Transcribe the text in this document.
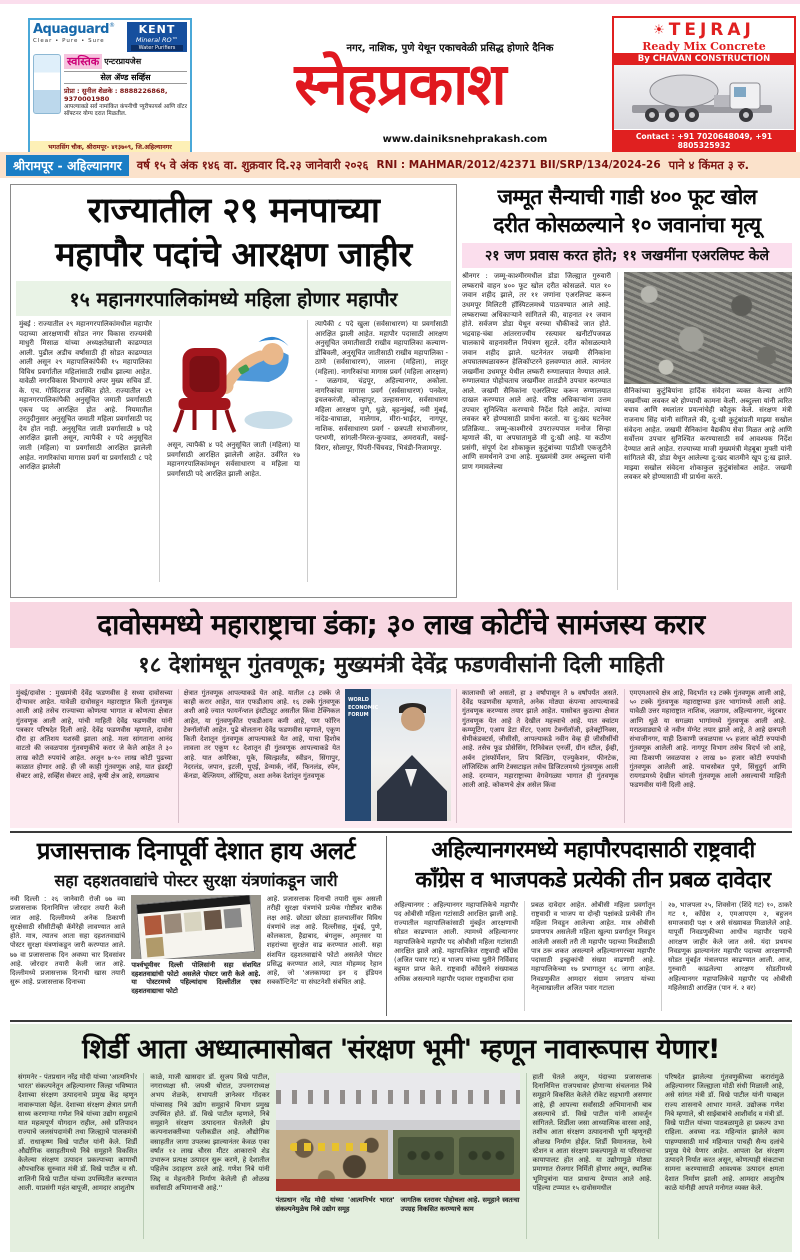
Aquaguard®
Clear • Pure • Sure
KENT
Mineral RO™
Water Purifiers
स्वस्तिक एन्टरप्रायजेस
सेल ॲण्ड सर्व्हिस
प्रोप्रा : सुनील शेळके : 8888226868, 9370001980
आपल्याकडे सर्व नामांकित कंपनीची प्युरीफायर्स आणि वॉटर सॉफ्टनर योग्य दरात मिळतील.
भगतसिंग चौक, श्रीरामपूर- ४१३७०९, जि.अहिल्यानगर
नगर, नाशिक, पुणे येथून एकाचवेळी प्रसिद्ध होणारे दैनिक
स्नेहप्रकाश
www.dainiksnehprakash.com
☀ TEJRAJ
Ready Mix Concrete
By CHAVAN CONSTRUCTION
Contact : +91 7020648049, +91 8805325932
श्रीरामपूर - अहिल्यानगर	वर्ष १५ वे अंक १४६ वा. शुक्रवार दि.२३ जानेवारी २०२६ RNI : MAHMAR/2012/42371 BII/SRP/134/2024-26 पाने ४ किंमत ३ रु.
राज्यातील २९ मनपाच्या
महापौर पदांचे आरक्षण जाहीर
१५ महानगरपालिकांमध्ये महिला होणार महापौर
मुंबई : राज्यातील २९ महानगरपालिकांमधील महापौर पदाच्या आरक्षणाची सोडत नगर विकास राज्यमंत्री माधुरी मिसाळ यांच्या अध्यक्षतेखाली काढण्यात आली. पुढील अडीच वर्षांसाठी ही सोडत काढण्यात आली असून २९ महापालिकांपैकी १५ महापालिका विविध प्रवर्गातील महिलांसाठी राखीव झाल्या आहेत. यावेळी नगरविकास विभागाचे अपर मुख्य सचिव डॉ. के. एच. गोविंदराज उपस्थित होते. राज्यातील २९ महानगरपालिकांपैकी अनुसूचित जमाती प्रवर्गासाठी एकच पद आरक्षित होत आहे. नियमातील तरतुदीनुसार अनुसूचित जमाती महिला प्रवर्गासाठी पद देय होत नाही. अनुसूचित जाती प्रवर्गासाठी ७ पदे आरक्षित झाली असून, त्यापैकी २ पदे अनुसूचित जाती (महिला) या प्रवर्गांसाठी आरक्षित झालेली आहेत. नागरिकांचा मागास प्रवर्ग या प्रवर्गासाठी ८ पदे आरक्षित झालेली
असून, त्यापैकी ४ पदे अनुसूचित जाती (महिला) या प्रवर्गांसाठी आरक्षित झालेली आहेत. उर्वरित १७ महानगरपालिकांमधून सर्वसाधारण व महिला या प्रवर्गांसाठी पदे आरक्षित झाली आहेत.
त्यापैकी ८ पदे खुला (सर्वसाधारण) या प्रवर्गासाठी आरक्षित झाली आहेत. महापौर पदासाठी आरक्षण अनुसूचित जमातीसाठी राखीव महापालिका कल्याण-डोंबिवली, अनुसूचित जातीसाठी राखीव महापालिका - ठाणे (सर्वसाधारण), जालना (महिला), लातूर (महिला). नागरिकांचा मागास प्रवर्ग (महिला आरक्षण) - जळगाव, चंद्रपूर, अहिल्यानगर, अकोला. नागरिकांचा मागास प्रवर्ग (सर्वसाधारण) पनवेल, इचलकरंजी, कोल्हापूर, उल्हासनगर, सर्वसाधारण महिला आरक्षण पुणे, धुळे, बृहन्मुंबई, नवी मुंबई, नांदेड-वाघाळा, मालेगाव, मीरा-भाईंदर, नागपूर, नाशिक. सर्वसाधारण प्रवर्ग - छत्रपती संभाजीनगर, परभणी, सांगली-मिरज-कुपवाड, अमरावती, वसई-विरार, सोलापूर, पिंपरी-चिंचवड, भिवंडी-निजामपूर.
जम्मूत सैन्याची गाडी ४०० फूट खोल
दरीत कोसळल्याने १० जवानांचा मृत्यू
२१ जण प्रवास करत होते; ११ जखमींना एअरलिफ्ट केले
श्रीनगर : जम्मू-काश्मीरमधील डोडा जिल्ह्यात गुरुवारी लष्कराचे वाहन ४०० फूट खोल दरीत कोसळले. यात १० जवान शहीद झाले, तर ११ जणांना एअरलिफ्ट करून उधमपूर मिलिटरी हॉस्पिटलमध्ये पाठवण्यात आले आहे. लष्कराच्या अधिकाऱ्याने सांगितले की, वाहनात २१ जवान होते. सर्वजण डोडा येथून वरच्या चौकीकडे जात होते. भद्रवाह-चंबा आंतरराज्यीय रस्त्यावर खनीटॉपजवळ चालकाचे वाहनावरील नियंत्रण सुटले. दरीत कोसळल्याने जवान शहीद झाले. घटनेनंतर जखमी सैनिकांना अपघातस्थळावरून हेलिकॉप्टरने हलवण्यात आले. त्यानंतर जखमींना उधमपूर येथील लष्करी रुग्णालयात नेण्यात आले. रुग्णालयात पोहोचताच जखमींवर तातडीने उपचार करण्यात आले. जखमी सैनिकांना एअरलिफ्ट करून रुग्णालयात दाखल करण्यात आले आहे. वरिष्ठ अधिकाऱ्यांना उत्तम उपचार सुनिश्चित करण्याचे निर्देश दिले आहेत. त्यांच्या लवकर बरे होण्यासाठी प्रार्थना करतो. या दु:खद घटनेवर प्रतिक्रिया.. जम्मू-काश्मीरचे उपराज्यपाल मनोज सिन्हा म्हणाले की, या अपघातामुळे मी दु:खी आहे. या कठीण प्रसंगी, संपूर्ण देश शोकाकुल कुटुंबांच्या पाठीशी एकजुटीने आणि समर्थनाने उभा आहे. मुख्यमंत्री उमर अब्दुल्ला यांनी प्राण गमावलेल्या
सैनिकांच्या कुटुंबियांना हार्दिक संवेदना व्यक्त केल्या आणि जखमींच्या लवकर बरे होण्याची कामना केली. अब्दुल्ला यांनी त्वरित बचाव आणि स्थलांतर प्रयत्नांचेही कौतुक केले. संरक्षण मंत्री राजनाथ सिंह यांनी सांगितले की, दु:खी कुटुंबांप्रती माझ्या सखोल संवेदना आहेत. जखमी सैनिकांना वैद्यकीय सेवा मिळत आहे आणि सर्वोत्तम उपचार सुनिश्चित करण्यासाठी सर्व आवश्यक निर्देश देण्यात आले आहेत. राज्याच्या माजी मुख्यमंत्री मेहबूबा मुफ्ती यांनी सांगितले की, डोडा येथून आलेल्या दु:खद बातमीने खूप दु:ख झाले. माझ्या सखोल संवेदना शोकाकुल कुटुंबांसोबत आहेत. जखमी लवकर बरे होण्यासाठी मी प्रार्थना करते.
दावोसमध्ये महाराष्ट्राचा डंका; ३० लाख कोटींचे सामंजस्य करार
१८ देशांमधून गुंतवणूक; मुख्यमंत्री देवेंद्र फडणवीसांनी दिली माहिती
मुंबई/दावोस : मुख्यमंत्री देवेंद्र फडणवीस हे सध्या दावोसच्या दौऱ्यावर आहेत. यावेळी दावोसहून महाराष्ट्रात किती गुंतवणूक आली आहे तसेच राज्याच्या कोणत्या भागात व कोणत्या क्षेत्रात गुंतवणूक आली आहे, यांची माहिती देवेंद्र फडणवीस यांनी पत्रकार परिषदेत दिली आहे. देवेंद्र फडणवीस म्हणाले, दावोस दौरा हा अतिशय यशस्वी झाला आहे. मला सांगताना आनंद वाटतो की जवळपास गुंतवणुकीचे करार जे केले आहेत ते ३० लाख कोटी रुपयांचे आहेत. अजून ७-१० लाख कोटी पुढच्या काळात होणार आहे. ही जी काही गुंतवणूक आहे, यात इंडस्ट्री सेक्टर आहे, सर्व्हिस सेक्टर आहे, कृषी क्षेत्र आहे, सगळ्याच
क्षेत्रात गुंतवणूक आपल्याकडे येत आहे. यातील ८३ टक्के जे काही करार आहेत, यात एफडीआय आहे. १६ टक्के गुंतवणूक अशी आहे ज्यात फायनॅन्शल इंस्टीट्यूट असतील किंवा टेक्निकल आहेत, या गुंतवणुकीत एफडीआय कमी आहे, पण फॉरिन टेक्नॉलॉजी आहेत. पुढे बोलताना देवेंद्र फडणवीस म्हणाले, एकूण किती देशातून गुंतवणूक आपल्याकडे येत आहे, याचा हिशोब लावला तर एकूण १८ देशातून ही गुंतवणूक आपल्याकडे येत आहे. यात अमेरिका, यूके, स्वित्झर्लंड, स्वीडन, सिंगापुर, नेदरलंड, जपान, इटली, यूएई, डेन्मार्क, नॉर्वे, फिनलंड, स्पेन, कॅनडा, बेल्जियम, ऑस्ट्रिया, अशा अनेक देशांतून गुंतवणूक
WORLD ECONOMIC FORUM
कालावधी जो असतो, हा ३ वर्षांपासून ते ७ वर्षांपर्यंत असते. देवेंद्र फडणवीस म्हणाले, अनेक मोठ्या कंपन्या आपल्याकडे गुंतवणूक करण्यास तयार झाले आहेत. यासोबत कुठल्या क्षेत्रात गुंतवणूक येत आहे ते देखील महत्त्वाचे आहे. यात क्वांटम कम्प्यूटिंग, एआय डेटा सेंटर, एआय टेक्नॉलॉजी, इलेक्ट्रॉनिक्स, सेमीकंडक्टर्स, जीसीसी, आपल्याकडे नवीन वेव्ह ही जीसीसींची आहे. तसेच फूड प्रोसेसिंग, रिनिवेबल एनर्जी, ग्रीन स्टील, ईव्ही, अर्बन ट्रांस्फॉर्मेशन, शिप बिल्डिंग, एज्युकेशन, फीनटेक, लॉजिस्टिक आणि टेक्सटाइल तसेच डिजिटलमध्ये गुंतवणूक आली आहे. दरम्यान, महाराष्ट्राच्या वेगवेगळ्या भागात ही गुंतवणूक आली आहे. कोकणचे क्षेत्र असेल किंवा
एमएमआरचे क्षेत्र आहे, विदर्भात १३ टक्के गुंतवणूक आली आहे, ५० टक्के गुंतवणूक महाराष्ट्राच्या इतर भागांमध्ये आली आहे. यावेळी उत्तर महाराष्ट्रात नाशिक, जळगाव, अहिल्यानगर, नंदुरबार आणि धुळे या सगळ्या भागांमध्ये गुंतवणूक आली आहे. मराठवाड्याचे जे नवीन मॅग्नेट तयार झाले आहे, ते आहे छत्रपती संभाजीनगर, याही ठिकाणी जवळपास ५५ हजार कोटी रुपयांची गुंतवणूक आलेली आहे. नागपूर विभाग तसेच विदर्भ जो आहे, त्या ठिकाणी जवळपास २ लाख ७० हजार कोटी रुपयांची गुंतवणूक आलेली आहे. याचसोबत पुणे, सिंधुदुर्ग आणि रायगडमध्ये देखील चांगली गुंतवणूक आली असल्याची माहिती फडणवीस यांनी दिली आहे.
प्रजासत्ताक दिनापूर्वी देशात हाय अलर्ट
सहा दहशतवाद्यांचे पोस्टर सुरक्षा यंत्रणांकडून जारी
नवी दिल्ली : २६ जानेवारी रोजी ७७ व्या प्रजासत्ताक दिनानिमित्त जोरदार तयारी केली जात आहे. दिल्लीमध्ये अनेक ठिकाणी सुरक्षेसाठी सीसीटीव्ही कॅमेरेही लावण्यात आले होते. मात्र, त्यातच आता सहा दहशतवाद्यांचे पोस्टर सुरक्षा यंत्रणांकडून जारी करण्यात आले. ७७ वा प्रजासत्ताक दिन अवघ्या चार दिवसांवर आहे. जोरदार तयारी केली जात आहे. दिल्लीमध्ये प्रजासत्ताक दिनाची खास तयारी सुरू आहे. प्रजासत्ताक दिनाच्या
पार्श्वभूमीवर दिल्ली पोलिसांनी सहा संशयित दहशतवाद्यांची फोटो असलेले पोस्टर जारी केले आहे. या पोस्टरमध्ये पहिल्यांदाच दिल्लीतील एका दहशतवाद्याचा फोटो
आहे. प्रजासत्ताक दिनाची तयारी सुरू असली तरीही सुरक्षा यंत्रणांचे प्रत्येक गोष्टीवर बारीक लक्ष आहे. छोट्या छोट्या हालचालींवर विविध यंत्रणांचे लक्ष आहे. दिल्लीसह, मुंबई, पुणे, कोलकाता, हैद्राबाद, बंगलुरू, अमृतसर या शहरांच्या सुरक्षेत वाढ करण्यात आली. सहा संशयित दहशतवाद्यांचे फोटो असलेले पोस्टर प्रसिद्ध करण्यात आले, त्यात मोहम्मद रेहान आहे, जो 'अलकायदा इन द इंडियन सबकॉन्टिनेंट' या संघटनेशी संबंधित आहे.
अहिल्यानगरमध्ये महापौरपदासाठी राष्ट्रवादी
काँग्रेस व भाजपकडे प्रत्येकी तीन प्रबळ दावेदार
अहिल्यानगर : अहिल्यानगर महापालिकेचे महापौर पद ओबीसी महिला गटांसाठी आरक्षित झाली आहे. राज्यातील महापालिकांसाठी मुंबईत आरक्षणाची सोडत काढण्यात आली. त्यामध्ये अहिल्यानगर महापालिकेचे महापौर पद ओबीसी महिला गटांसाठी आरक्षित झाले आहे. महापालिकेत राष्ट्रवादी काँग्रेस (अजित पवार गट) व भाजप यांच्या युतीने निर्विवाद बहुमत प्राप्त केले. राष्ट्रवादी काँग्रेसने संख्याबळ अधिक असल्याने महापौर पदावर राष्ट्रवादीचा दावा
प्रबळ दावेदार आहेत. ओबीसी महिला प्रवर्गातून राष्ट्रवादी व भाजप या दोन्ही पक्षांकडे प्रत्येकी तीन महिला निवडून आलेल्या आहेत. मात्र ओबीसी प्रमाणपत्र असलेली महिला खुल्या प्रवर्गातून निवडून आलेली असली तरी ती महापौर पदाच्या निवडीसाठी पात्र ठरू शकत असल्याने अहिल्यानगरच्या महापौर पदासाठी इच्छुकांची संख्या वाढणारी आहे. महापालिकेच्या १७ प्रभागातून ६८ जागा आहेत. निवडणुकीत आमदार संग्राम जगताप यांच्या नेतृत्वाखालील अजित पवार गटाला
२७, भाजपला २५, शिवसेना (शिंदे गट) १०, ठाकरे गट १, काँग्रेस २, एमआयएम २, बहुजन समाजवादी पक्ष १ असे संख्याबळ मिळालेले आहे. यापूर्वी निवडणुकीच्या आधीच महापौर पदाचे आरक्षण जाहीर केले जात असे. यंदा प्रथमच निवडणूक झाल्यानंतर महापौर पदाच्या आरक्षणाची सोडत मुंबईत मंत्रालयात काढण्यात आली. आज, गुरुवारी काढलेल्या आरक्षण सोडतीमध्ये अहिल्यानगर महापालिकेचे महापौर पद ओबीसी महिलेसाठी आरक्षित (पान नं. २ वर)
शिर्डी आता अध्यात्मासोबत 'संरक्षण भूमी' म्हणून नावारूपास येणार!
संगमनेर - पंतप्रधान नरेंद्र मोदी यांच्या 'आत्मनिर्भर भारत' संकल्पनेतून अहिल्यानगर जिल्हा भविष्यात देशाच्या संरक्षण उत्पादनाचे प्रमुख केंद्र म्हणून नावारूपाला येईल. देशाच्या संरक्षण क्षेत्रात प्रगती साध्य करणाऱ्या गणेश निबे यांच्या उद्योग समूहाचे यात महत्वपूर्ण योगदान राहील, असे प्रतिपादन राज्याचे जलसंपदामंत्री तथा जिल्ह्याचे पालकमंत्री डॉ. राधाकृष्ण विखे पाटील यांनी केले. शिर्डी औद्योगिक वसाहतीमध्ये निबे समूहाने विकसित केलेल्या संरक्षण उत्पादन प्रकल्पाच्या कामाची औपचारिक सुरुवात मंत्री डॉ. विखे पाटील व सौ. शालिनी विखे पाटील यांच्या उपस्थितीत करण्यात आली. याप्रसंगी महंत बापूजी, आमदार आशुतोष
काळे, माजी खासदार डॉ. सुजय विखे पाटील, नगराध्यक्षा सौ. जयश्री थोरात, उपनगराध्यक्ष अभय शेळके, सभापती ज्ञानेश्वर गोंदकर यांच्यासह निबे उद्योग समूहाचे विभाग प्रमुख उपस्थित होते. डॉ. विखे पाटील म्हणाले, निबे समूहाने संरक्षण उत्पादनात घेतलेली झेप कल्पनाशक्तीच्या पलीकडील आहे. औद्योगिक वसाहतीत जागा उपलब्ध झाल्यानंतर केवळ एका वर्षात १२ लाख चौरस मीटर आकाराचे शेड उभारून प्रत्यक्ष उत्पादन सुरू करणे, हे देशातील पहिलेच उदाहरण ठरले आहे. गणेश निबे यांनी जिद्द व मेहनतीने निर्माण केलेली ही ओळख सर्वांसाठी अभिमानाची आहे.''
पंतप्रधान नरेंद्र मोदी यांच्या 'आत्मनिर्भर भारत' संकल्पनेमुळेच निबे उद्योग समूह
जागतिक स्तरावर पोहोचला आहे. समूहाने स्वतःचा उपग्रह विकसित करण्याचे काम
हाती घेतले असून, यंदाच्या प्रजासत्ताक दिनानिमित्त राजपथावर होणाऱ्या संचलनात निबे समूहाने विकसित केलेले रॉकेट सहभागी असणार आहे, ही आपल्या सर्वांसाठी अभिमानाची बाब असल्याचे डॉ. विखे पाटील यांनी आवर्जून सांगितले. शिर्डीला जसा आध्यात्मिक वारसा आहे, तशीच आता संरक्षण उत्पादनाची भूमी म्हणूनही ओळख निर्माण होईल. शिर्डी विमानतळ, रेल्वे स्टेशन व आता संरक्षण प्रकल्पामुळे या परिसराचा कायापालट होत आहे. या उद्योगामुळे मोठ्या प्रमाणात रोजगार निर्मिती होणार असून, स्थानिक भूमिपुत्रांना यात प्राधान्य देण्यात आले आहे. पहिल्या टप्प्यात १५ दावोसमधील
परिषदेत झालेल्या गुंतवणुकीच्या करारांमुळे अहिल्यानगर जिल्ह्याला मोठी संधी मिळाली आहे, असे सांगत मंत्री डॉ. विखे पाटील यांनी याबद्दल राज्य शासनाचे आभार मानले. उद्योजक गणेश निबे म्हणाले, श्री साईबाबांचे आशीर्वाद व मंत्री डॉ. विखे पाटील यांच्या पाठबळामुळे हा प्रकल्प उभा राहिला. अवघ्या नऊ महिन्यांत झालेले काम पाहण्यासाठी मार्च महिन्यात पाचही सैन्य दलांचे प्रमुख येथे येणार आहेत. आपला देश संरक्षण उत्पादने निर्यात करत असून, कोणत्याही संकटाचा सामना करण्यासाठी आवश्यक उत्पादन क्षमता देशात निर्माण झाली आहे. आमदार आशुतोष काळे यांनीही आपले मनोगत व्यक्त केले.
